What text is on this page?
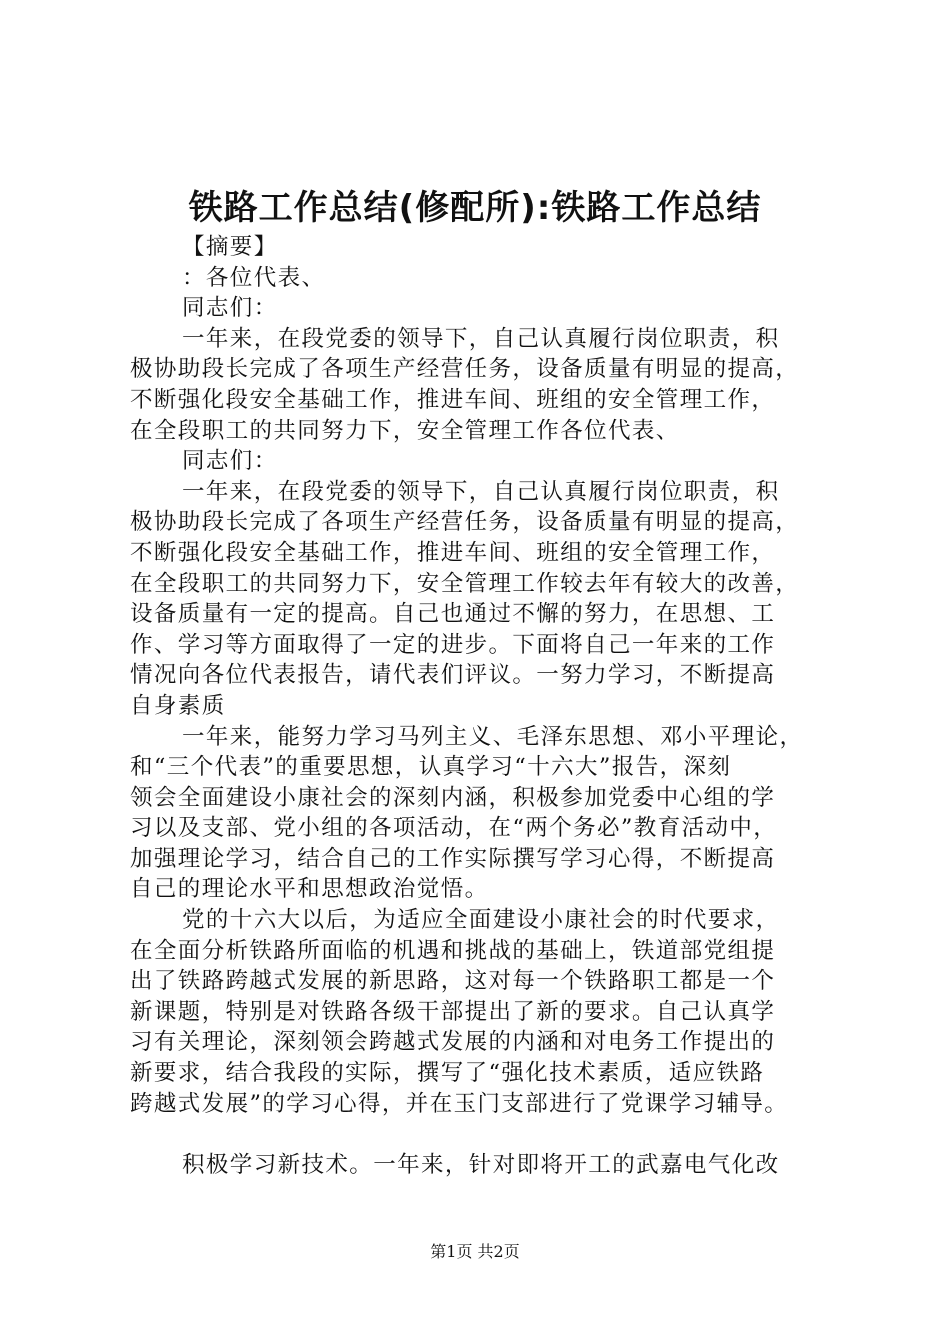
铁路工作总结(修配所):铁路工作总结

【摘要】

：各位代表、

同志们：

一年来，在段党委的领导下，自己认真履行岗位职责，积

极协助段长完成了各项生产经营任务，设备质量有明显的提高，

不断强化段安全基础工作，推进车间、班组的安全管理工作，

在全段职工的共同努力下，安全管理工作各位代表、

同志们：

一年来，在段党委的领导下，自己认真履行岗位职责，积

极协助段长完成了各项生产经营任务，设备质量有明显的提高，

不断强化段安全基础工作，推进车间、班组的安全管理工作，

在全段职工的共同努力下，安全管理工作较去年有较大的改善，

设备质量有一定的提高。自己也通过不懈的努力，在思想、工

作、学习等方面取得了一定的进步。下面将自己一年来的工作

情况向各位代表报告，请代表们评议。一努力学习，不断提高

自身素质

一年来，能努力学习马列主义、毛泽东思想、邓小平理论，

和“三个代表”的重要思想，认真学习“十六大”报告，深刻

领会全面建设小康社会的深刻内涵，积极参加党委中心组的学

习以及支部、党小组的各项活动，在“两个务必”教育活动中，

加强理论学习，结合自己的工作实际撰写学习心得，不断提高

自己的理论水平和思想政治觉悟。

党的十六大以后，为适应全面建设小康社会的时代要求，

在全面分析铁路所面临的机遇和挑战的基础上，铁道部党组提

出了铁路跨越式发展的新思路，这对每一个铁路职工都是一个

新课题，特别是对铁路各级干部提出了新的要求。自己认真学

习有关理论，深刻领会跨越式发展的内涵和对电务工作提出的

新要求，结合我段的实际，撰写了“强化技术素质，适应铁路

跨越式发展”的学习心得，并在玉门支部进行了党课学习辅导。

积极学习新技术。一年来，针对即将开工的武嘉电气化改

第1页 共2页
